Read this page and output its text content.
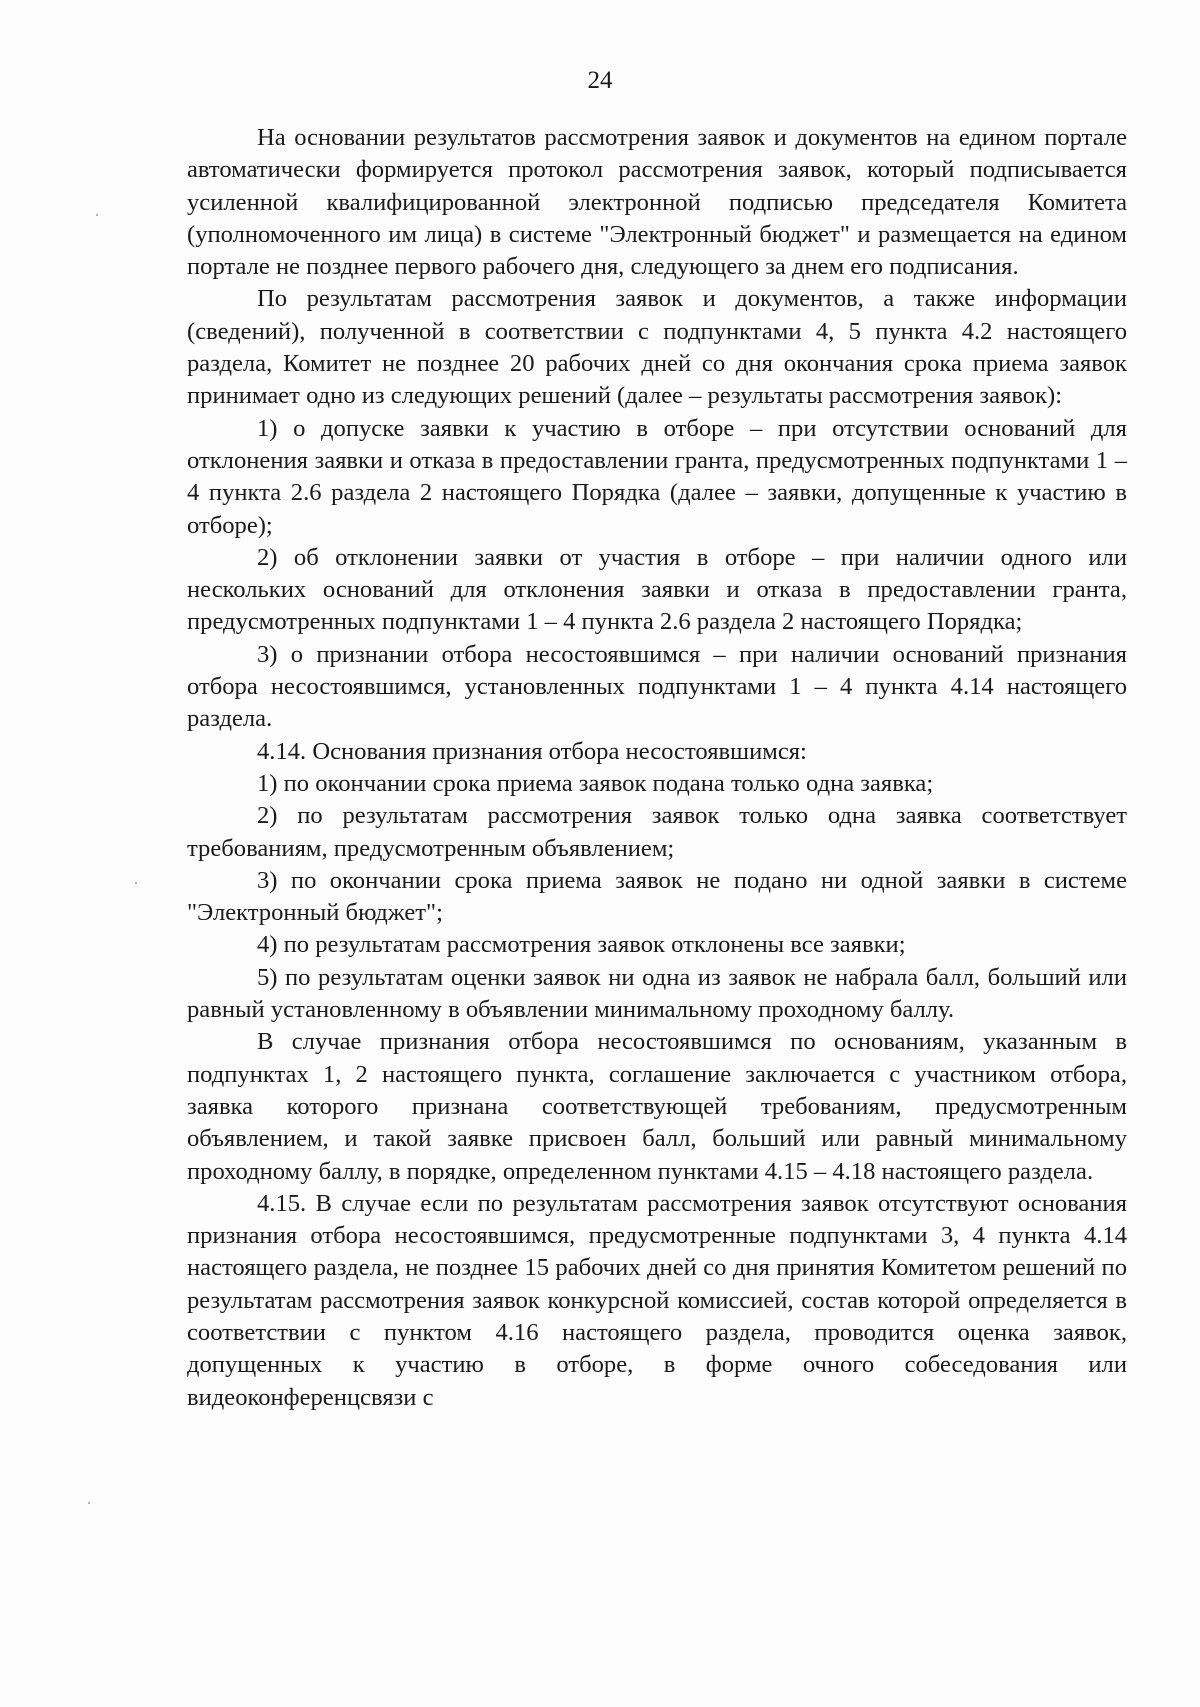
24

На основании результатов рассмотрения заявок и документов на едином портале автоматически формируется протокол рассмотрения заявок, который подписывается усиленной квалифицированной электронной подписью председателя Комитета (уполномоченного им лица) в системе "Электронный бюджет" и размещается на едином портале не позднее первого рабочего дня, следующего за днем его подписания.

По результатам рассмотрения заявок и документов, а также информации (сведений), полученной в соответствии с подпунктами 4, 5 пункта 4.2 настоящего раздела, Комитет не позднее 20 рабочих дней со дня окончания срока приема заявок принимает одно из следующих решений (далее – результаты рассмотрения заявок):

1) о допуске заявки к участию в отборе – при отсутствии оснований для отклонения заявки и отказа в предоставлении гранта, предусмотренных подпунктами 1 – 4 пункта 2.6 раздела 2 настоящего Порядка (далее – заявки, допущенные к участию в отборе);

2) об отклонении заявки от участия в отборе – при наличии одного или нескольких оснований для отклонения заявки и отказа в предоставлении гранта, предусмотренных подпунктами 1 – 4 пункта 2.6 раздела 2 настоящего Порядка;

3) о признании отбора несостоявшимся – при наличии оснований признания отбора несостоявшимся, установленных подпунктами 1 – 4 пункта 4.14 настоящего раздела.

4.14. Основания признания отбора несостоявшимся:

1) по окончании срока приема заявок подана только одна заявка;

2) по результатам рассмотрения заявок только одна заявка соответствует требованиям, предусмотренным объявлением;

3) по окончании срока приема заявок не подано ни одной заявки в системе "Электронный бюджет";

4) по результатам рассмотрения заявок отклонены все заявки;

5) по результатам оценки заявок ни одна из заявок не набрала балл, больший или равный установленному в объявлении минимальному проходному баллу.

В случае признания отбора несостоявшимся по основаниям, указанным в подпунктах 1, 2 настоящего пункта, соглашение заключается с участником отбора, заявка которого признана соответствующей требованиям, предусмотренным объявлением, и такой заявке присвоен балл, больший или равный минимальному проходному баллу, в порядке, определенном пунктами 4.15 – 4.18 настоящего раздела.

4.15. В случае если по результатам рассмотрения заявок отсутствуют основания признания отбора несостоявшимся, предусмотренные подпунктами 3, 4 пункта 4.14 настоящего раздела, не позднее 15 рабочих дней со дня принятия Комитетом решений по результатам рассмотрения заявок конкурсной комиссией, состав которой определяется в соответствии с пунктом 4.16 настоящего раздела, проводится оценка заявок, допущенных к участию в отборе, в форме очного собеседования или видеоконференцсвязи с
